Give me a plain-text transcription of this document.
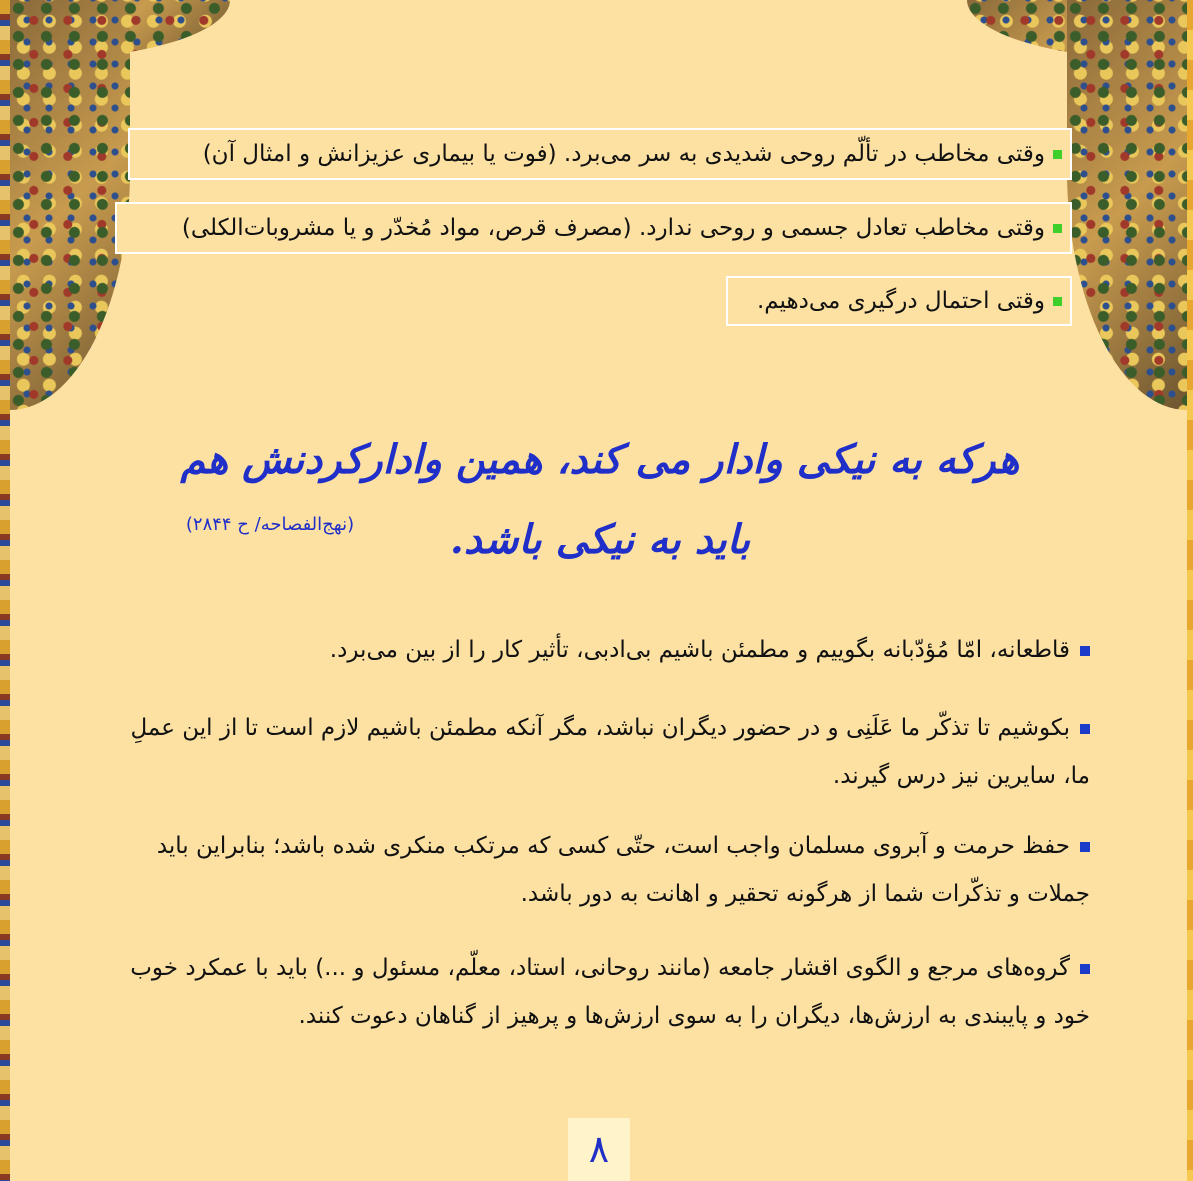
وقتی مخاطب در تألّم روحی شدیدی به سر می‌برد. (فوت یا بیماری عزیزانش و امثال آن)
وقتی مخاطب تعادل جسمی و روحی ندارد. (مصرف قرص، مواد مُخدّر و یا مشروبات‌الکلی)
وقتی احتمال درگیری می‌دهیم.
هرکه به نیکی وادار می کند، همین وادارکردنش هم باید به نیکی باشد.
(نهج‌الفصاحه/ ح ۲۸۴۴)
قاطعانه، امّا مُؤدّبانه بگوییم و مطمئن باشیم بی‌ادبی، تأثیر کار را از بین می‌برد.
بکوشیم تا تذکّر ما عَلَنِی و در حضور دیگران نباشد، مگر آنکه مطمئن باشیم لازم است تا از این عملِ ما، سایرین نیز درس گیرند.
حفظ حرمت و آبروی مسلمان واجب است، حتّی کسی که مرتکب منکری شده باشد؛ بنابراین باید جملات و تذکّرات شما از هرگونه تحقیر و اهانت به دور باشد.
گروه‌های مرجع و الگوی اقشار جامعه (مانند روحانی، استاد، معلّم، مسئول و ...) باید با عمکرد خوب خود و پایبندی به ارزش‌ها، دیگران را به سوی ارزش‌ها و پرهیز از گناهان دعوت کنند.
۸
